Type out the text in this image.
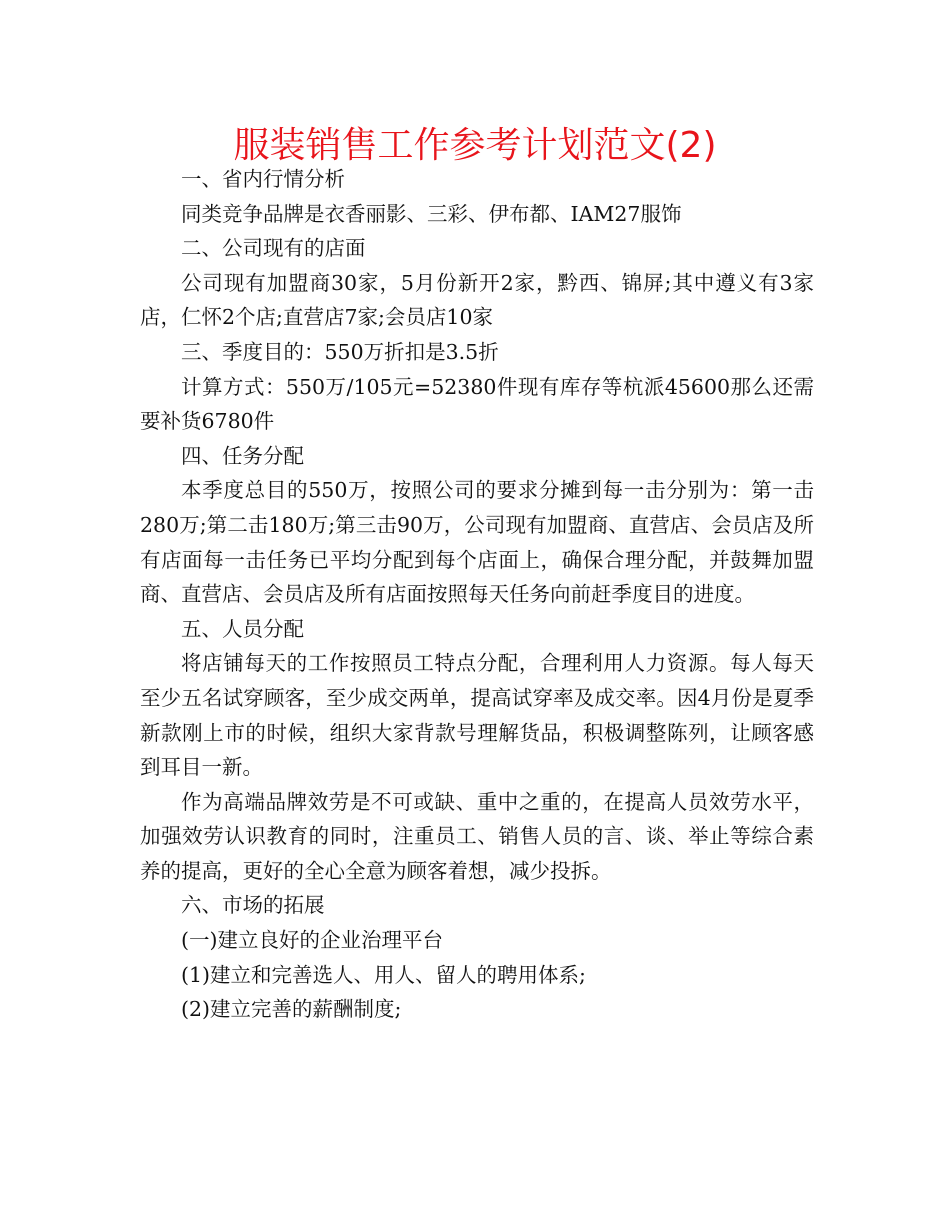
服装销售工作参考计划范文(2)

一、省内行情分析

同类竞争品牌是衣香丽影、三彩、伊布都、IAM27服饰

二、公司现有的店面

公司现有加盟商30家，5月份新开2家，黔西、锦屏;其中遵义有3家店，仁怀2个店;直营店7家;会员店10家

三、季度目的：550万折扣是3.5折

计算方式：550万/105元=52380件现有库存等杭派45600那么还需要补货6780件

四、任务分配

本季度总目的550万，按照公司的要求分摊到每一击分别为：第一击280万;第二击180万;第三击90万，公司现有加盟商、直营店、会员店及所有店面每一击任务已平均分配到每个店面上，确保合理分配，并鼓舞加盟商、直营店、会员店及所有店面按照每天任务向前赶季度目的进度。

五、人员分配

将店铺每天的工作按照员工特点分配，合理利用人力资源。每人每天至少五名试穿顾客，至少成交两单，提高试穿率及成交率。因4月份是夏季新款刚上市的时候，组织大家背款号理解货品，积极调整陈列，让顾客感到耳目一新。

作为高端品牌效劳是不可或缺、重中之重的，在提高人员效劳水平，加强效劳认识教育的同时，注重员工、销售人员的言、谈、举止等综合素养的提高，更好的全心全意为顾客着想，减少投拆。

六、市场的拓展

(一)建立良好的企业治理平台

(1)建立和完善选人、用人、留人的聘用体系;

(2)建立完善的薪酬制度;
